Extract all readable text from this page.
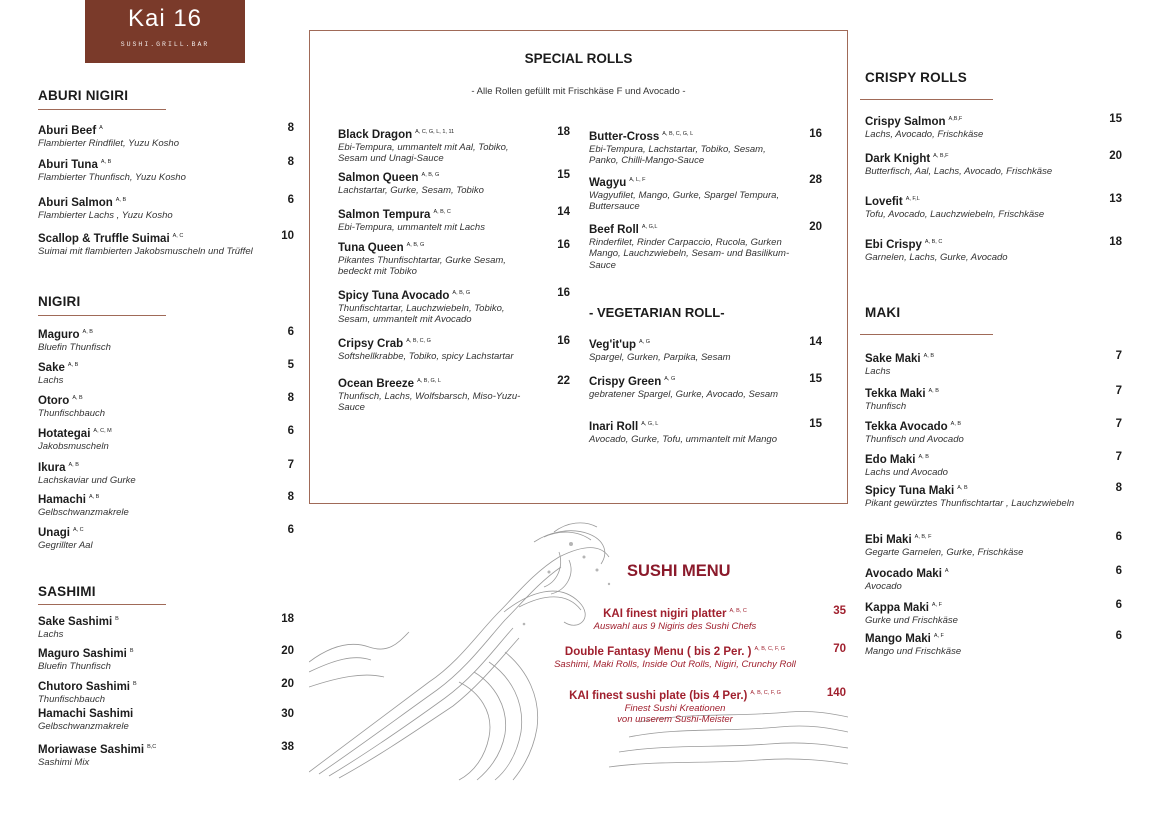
Kai 16
SUSHI.GRILL.BAR
ABURI NIGIRI
Aburi Beef $^A$
Flambierter Rindfilet, Yuzu Kosho
8
Aburi Tuna $^{A, B}$
Flambierter Thunfisch, Yuzu Kosho
8
Aburi Salmon $^{A, B}$
Flambierter Lachs , Yuzu Kosho
6
Scallop & Truffle Suimai $^{A, C}$
Suimai mit flambierten Jakobsmuscheln und Trüffel
10
NIGIRI
Maguro $^{A, B}$
Bluefin Thunfisch
6
Sake $^{A, B}$
Lachs
5
Otoro $^{A, B}$
Thunfischbauch
8
Hotategai $^{A, C, M}$
Jakobsmuscheln
6
Ikura $^{A, B}$
Lachskaviar und Gurke
7
Hamachi $^{A, B}$
Gelbschwanzmakrele
8
Unagi $^{A, C}$
Gegrillter Aal
6
SASHIMI
Sake Sashimi $^B$
Lachs
18
Maguro Sashimi $^B$
Bluefin Thunfisch
20
Chutoro Sashimi $^B$
Thunfischbauch
20
Hamachi Sashimi
Gelbschwanzmakrele
30
Moriawase Sashimi $^{B,C}$
Sashimi Mix
38
SPECIAL ROLLS
- Alle Rollen gefüllt mit Frischkäse F und Avocado -
Black Dragon $^{A, C, G, L, 1, 11}$
Ebi-Tempura, ummantelt mit Aal, Tobiko, Sesam und Unagi-Sauce
18
Salmon Queen $^{A, B, G}$
Lachstartar, Gurke, Sesam, Tobiko
15
Salmon Tempura $^{A, B, C}$
Ebi-Tempura, ummantelt mit Lachs
14
Tuna Queen $^{A, B, G}$
Pikantes Thunfischtartar, Gurke Sesam, bedeckt mit Tobiko
16
Spicy Tuna Avocado $^{A, B, G}$
Thunfischtartar, Lauchzwiebeln, Tobiko, Sesam, ummantelt mit Avocado
16
Cripsy Crab $^{A, B, C, G}$
Softshellkrabbe, Tobiko, spicy Lachstartar
16
Ocean Breeze $^{A, B, G, L}$
Thunfisch, Lachs, Wolfsbarsch, Miso-Yuzu-Sauce
22
Butter-Cross $^{A, B, C, G, L}$
Ebi-Tempura, Lachstartar, Tobiko, Sesam, Panko, Chilli-Mango-Sauce
16
Wagyu $^{A, L, F}$
Wagyufilet, Mango, Gurke, Spargel Tempura, Buttersauce
28
Beef Roll $^{A, G,L}$
Rinderfilet, Rinder Carpaccio, Rucola, Gurken Mango, Lauchzwiebeln, Sesam- und Basilikum-Sauce
20
- VEGETARIAN ROLL-
Veg'it'up $^{A, G}$
Spargel, Gurken, Parpika, Sesam
14
Crispy Green $^{A, G}$
gebratener Spargel, Gurke, Avocado, Sesam
15
Inari Roll $^{A, G, L}$
Avocado, Gurke, Tofu, ummantelt mit Mango
15
SUSHI MENU
KAI finest nigiri platter $^{A, B, C}$
Auswahl aus 9 Nigiris des Sushi Chefs
35
Double Fantasy Menu ( bis 2 Per. ) $^{A, B, C, F, G}$
Sashimi, Maki Rolls, Inside Out Rolls, Nigiri, Crunchy Roll
70
KAI finest sushi plate (bis 4 Per.) $^{A, B, C, F, G}$
Finest Sushi Kreationen
von unserem Sushi-Meister
140
CRISPY ROLLS
Crispy Salmon $^{A,B,F}$
Lachs, Avocado, Frischkäse
15
Dark Knight $^{A, B,F}$
Butterfisch, Aal, Lachs, Avocado, Frischkäse
20
Lovefit $^{A, F,L}$
Tofu, Avocado, Lauchzwiebeln, Frischkäse
13
Ebi Crispy $^{A, B, C}$
Garnelen, Lachs, Gurke, Avocado
18
MAKI
Sake Maki $^{A, B}$
Lachs
7
Tekka Maki $^{A, B}$
Thunfisch
7
Tekka Avocado $^{A, B}$
Thunfisch und Avocado
7
Edo Maki $^{A, B}$
Lachs und Avocado
7
Spicy Tuna Maki $^{A, B}$
Pikant gewürztes Thunfischtartar , Lauchzwiebeln
8
Ebi Maki $^{A, B, F}$
Gegarte Garnelen, Gurke, Frischkäse
6
Avocado Maki $^A$
Avocado
6
Kappa Maki $^{A, F}$
Gurke und Frischkäse
6
Mango Maki $^{A, F}$
Mango und Frischkäse
6
